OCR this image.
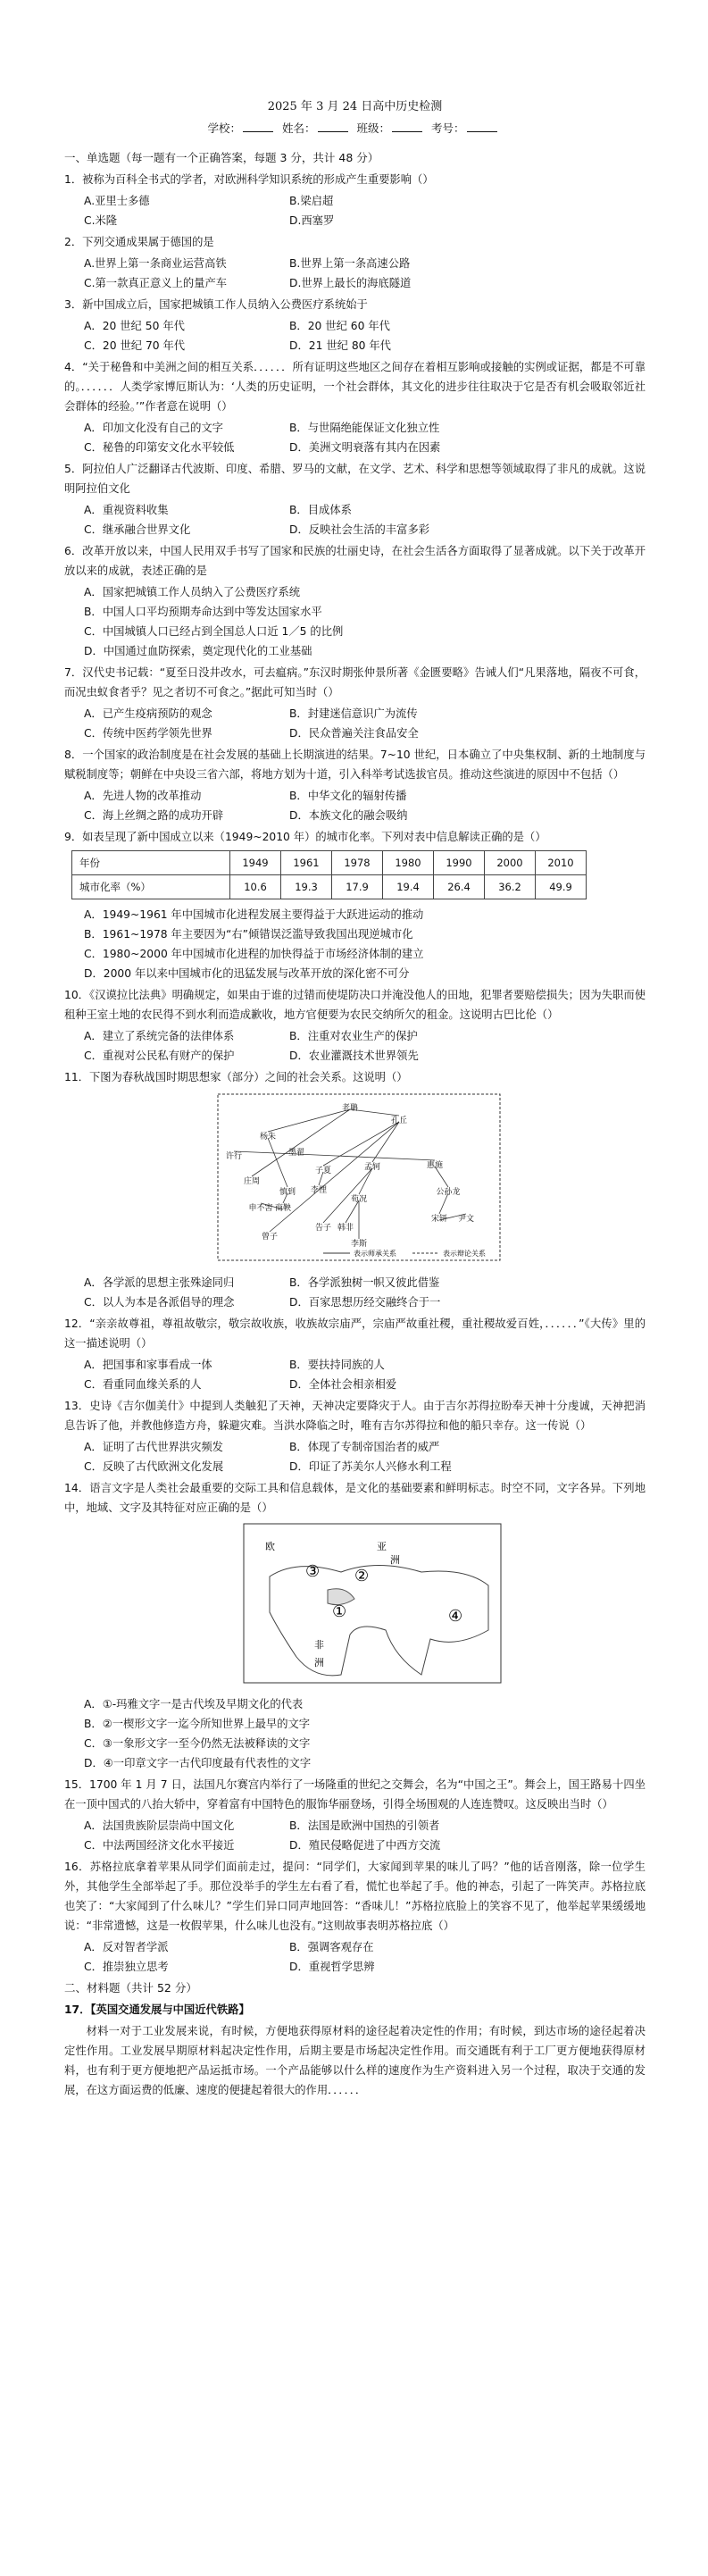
2025 年 3 月 24 日高中历史检测
学校：	姓名：	班级：	考号：
一、单选题（每一题有一个正确答案，每题 3 分，共计 48 分）
1．被称为百科全书式的学者，对欧洲科学知识系统的形成产生重要影响（）
A.亚里士多德	B.梁启超
C.米隆	D.西塞罗
2．下列交通成果属于德国的是
A.世界上第一条商业运营高铁	B.世界上第一条高速公路
C.第一款真正意义上的量产车	D.世界上最长的海底隧道
3．新中国成立后，国家把城镇工作人员纳入公费医疗系统始于
A．20 世纪 50 年代	B．20 世纪 60 年代
C．20 世纪 70 年代	D．21 世纪 80 年代
4．“关于秘鲁和中美洲之间的相互关系．．．．．．所有证明这些地区之间存在着相互影响或接触的实例或证据，都是不可靠的。．．．．．．人类学家博厄斯认为：‘人类的历史证明，一个社会群体，其文化的进步往往取决于它是否有机会吸取邻近社会群体的经验。’”作者意在说明（）
A．印加文化没有自己的文字	B．与世隔绝能保证文化独立性
C．秘鲁的印第安文化水平较低	D．美洲文明衰落有其内在因素
5．阿拉伯人广泛翻译古代波斯、印度、希腊、罗马的文献，在文学、艺术、科学和思想等领域取得了非凡的成就。这说明阿拉伯文化
A．重视资料收集	B．目成体系
C．继承融合世界文化	D．反映社会生活的丰富多彩
6．改革开放以来，中国人民用双手书写了国家和民族的壮丽史诗，在社会生活各方面取得了显著成就。以下关于改革开放以来的成就，表述正确的是
A．国家把城镇工作人员纳入了公费医疗系统
B．中国人口平均预期寿命达到中等发达国家水平
C．中国城镇人口已经占到全国总人口近 1／5 的比例
D．中国通过血防探索，奠定现代化的工业基础
7．汉代史书记载：“夏至日没井改水，可去瘟病。”东汉时期张仲景所著《金匮要略》告诫人们“凡果落地，隔夜不可食，而况虫蚁食者乎？见之者切不可食之。”据此可知当时（）
A．已产生疫病预防的观念	B．封建迷信意识广为流传
C．传统中医药学领先世界	D．民众普遍关注食品安全
8．一个国家的政治制度是在社会发展的基础上长期演进的结果。7~10 世纪，日本确立了中央集权制、新的土地制度与赋税制度等；朝鲜在中央设三省六部，将地方划为十道，引入科举考试选拔官员。推动这些演进的原因中不包括（）
A．先进人物的改革推动	B．中华文化的辐射传播
C．海上丝绸之路的成功开辟	D．本族文化的融会吸纳
9．如表呈现了新中国成立以来（1949~2010 年）的城市化率。下列对表中信息解读正确的是（）
年份	1949	1961	1978	1980	1990	2000	2010
城市化率（%）	10.6	19.3	17.9	19.4	26.4	36.2	49.9
A．1949~1961 年中国城市化进程发展主要得益于大跃进运动的推动
B．1961~1978 年主要因为“右”倾错误泛滥导致我国出现逆城市化
C．1980~2000 年中国城市化进程的加快得益于市场经济体制的建立
D．2000 年以来中国城市化的迅猛发展与改革开放的深化密不可分
10．《汉谟拉比法典》明确规定，如果由于谁的过错而使堤防决口并淹没他人的田地，犯罪者要赔偿损失；因为失职而使租种王室土地的农民得不到水利而造成歉收，地方官便要为农民交纳所欠的租金。这说明古巴比伦（）
A．建立了系统完备的法律体系	B．注重对农业生产的保护
C．重视对公民私有财产的保护	D．农业灌溉技术世界领先
11．下图为春秋战国时期思想家（部分）之间的社会关系。这说明（）
老聃
孔丘
杨朱
许行	墨翟
子夏
告子
李悝
庄周
孟轲
慎到
荀况
商鞅
申不害
韩非
李斯
惠施
公孙龙
宋钘 尹文
曾子
表示师承关系	表示辩论关系
A．各学派的思想主张殊途同归	B．各学派独树一帜又彼此借鉴
C．以人为本是各派倡导的理念	D．百家思想历经交融终合于一
12．“亲亲故尊祖，尊祖故敬宗，敬宗故收族，收族故宗庙严，宗庙严故重社稷，重社稷故爱百姓，．．．．．．”《大传》里的这一描述说明（）
A．把国事和家事看成一体	B．要扶持同族的人
C．看重同血缘关系的人	D．全体社会相亲相爱
13．史诗《吉尔伽美什》中提到人类触犯了天神，天神决定要降灾于人。由于吉尔苏得拉盼奉天神十分虔诚，天神把消息告诉了他，并教他修造方舟，躲避灾难。当洪水降临之时，唯有吉尔苏得拉和他的船只幸存。这一传说（）
A．证明了古代世界洪灾频发	B．体现了专制帝国治者的威严
C．反映了古代欧洲文化发展	D．印证了苏美尔人兴修水利工程
14．语言文字是人类社会最重要的交际工具和信息载体，是文化的基础要素和鲜明标志。时空不同，文字各异。下列地中，地域、文字及其特征对应正确的是（）
欧	亚
洲
非
洲
③ ②
①	④
A．①-玛雅文字一是古代埃及早期文化的代表
B．②一楔形文字一迄今所知世界上最早的文字
C．③一象形文字一至今仍然无法被释读的文字
D．④一印章文字一古代印度最有代表性的文字
15．1700 年 1 月 7 日，法国凡尔赛宫内举行了一场隆重的世纪之交舞会，名为“中国之王”。舞会上，国王路易十四坐在一顶中国式的八抬大轿中，穿着富有中国特色的服饰华丽登场，引得全场围观的人连连赞叹。这反映出当时（）
A．法国贵族阶层崇尚中国文化	B．法国是欧洲中国热的引领者
C．中法两国经济文化水平接近	D．殖民侵略促进了中西方交流
16．苏格拉底拿着苹果从同学们面前走过，提问：“同学们，大家闻到苹果的味儿了吗？”他的话音刚落，除一位学生外，其他学生全部举起了手。那位没举手的学生左右看了看，慌忙也举起了手。他的神态，引起了一阵笑声。苏格拉底也笑了：“大家闻到了什么味儿？”学生们异口同声地回答：“香味儿！”苏格拉底脸上的笑容不见了，他举起苹果缓缓地说：“非常遗憾，这是一枚假苹果，什么味儿也没有。”这则故事表明苏格拉底（）
A．反对智者学派	B．强调客观存在
C．推崇独立思考	D．重视哲学思辨
二、材料题（共计 52 分）
17．【英国交通发展与中国近代铁路】
材料一对于工业发展来说，有时候，方便地获得原材料的途径起着决定性的作用；有时候，到达市场的途径起着决定性作用。工业发展早期原材料起决定性作用，后期主要是市场起决定性作用。而交通既有利于工厂更方便地获得原材料，也有利于更方便地把产品运抵市场。一个产品能够以什么样的速度作为生产资料进入另一个过程，取决于交通的发展，在这方面运费的低廉、速度的便捷起着很大的作用．．．．．．
